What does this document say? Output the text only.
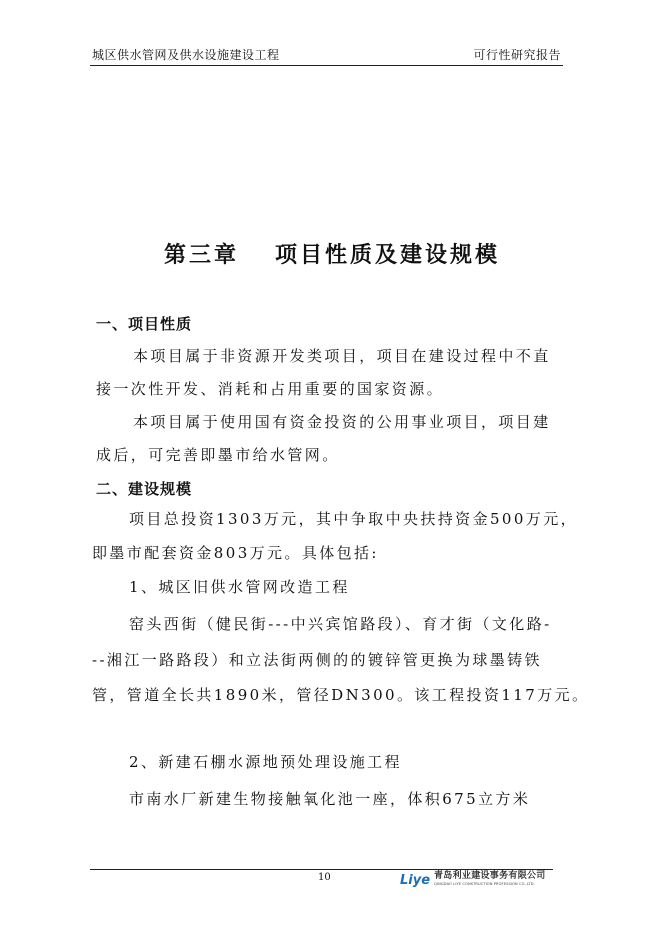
城区供水管网及供水设施建设工程	可行性研究报告
第三章 项目性质及建设规模
一、项目性质
本项目属于非资源开发类项目，项目在建设过程中不直
接一次性开发、消耗和占用重要的国家资源。
本项目属于使用国有资金投资的公用事业项目，项目建
成后，可完善即墨市给水管网。
二、建设规模
项目总投资1303万元，其中争取中央扶持资金500万元，
即墨市配套资金803万元。具体包括:
1、城区旧供水管网改造工程
窑头西街（健民街---中兴宾馆路段）、育才街（文化路-
--湘江一路路段）和立法街两侧的的镀锌管更换为球墨铸铁
管，管道全长共1890米，管径DN300。该工程投资117万元。
2、新建石棚水源地预处理设施工程
市南水厂新建生物接触氧化池一座，体积675立方米
10	Liye 青岛利业建设事务有限公司
QINGDAO LIYE CONSTRUCTION PROFESSION CO.,LTD.
